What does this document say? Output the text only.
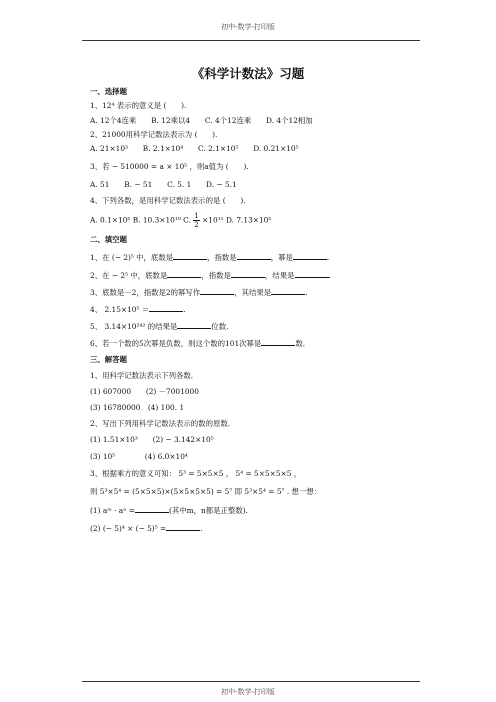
初中-数学-打印版
《科学计数法》习题
一、选择题
1、12⁴ 表示的意义是 (　　).
A. 12个4连乘　　B. 12乘以4　　C. 4个12连乘　　D. 4个12相加
2、21000用科学记数法表示为 (　　).
A. 21×10³　　B. 2.1×10⁴　　C. 2.1×10⁵　　D. 0.21×10⁵
3、若 − 510000 = a × 10⁵ ，则a值为 (　　).
A. 51　　B. − 51　　C. 5. 1　　D. − 5.1
4、下列各数，是用科学记数法表示的是 (　　).
A. 0.1×10⁵ B. 10.3×10¹⁰ C. $\frac{1}{2} \times 10^{11}$ D. 7.13×10⁵
二、填空题
1、在 (− 2)⁵ 中，底数是	，指数是	，幂是	.
2、在 − 2⁵ 中，底数是	，指数是	，结果是	.
3、底数是－2，指数是2的幂写作	，其结果是	.
4、 2.15×10⁵ ＝	.
5、 3.14×10²⁴² 的结果是	位数.
6、若一个数的5次幂是负数，则这个数的101次幂是	数.
三、解答题
1、用科学记数法表示下列各数.
(1) 607000　　(2) －7001000
(3) 16780000　(4) 100. 1
2、写出下列用科学记数法表示的数的原数.
(1) 1.51×10³　　(2) − 3.142×10⁵
(3) 10⁵　　　　(4) 6.0×10⁴
3、根据乘方的意义可知： 5³ = 5×5×5 ， 5⁴ = 5×5×5×5 ，
则 5³×5⁴ = (5×5×5)×(5×5×5×5) = 5⁷ 即 5³×5⁴ = 5⁷ . 想一想：
(1) aᵐ · aⁿ =	(其中m，n都是正整数).
(2) (− 5)⁴ × (− 5)⁵ =	.
初中-数学-打印版
